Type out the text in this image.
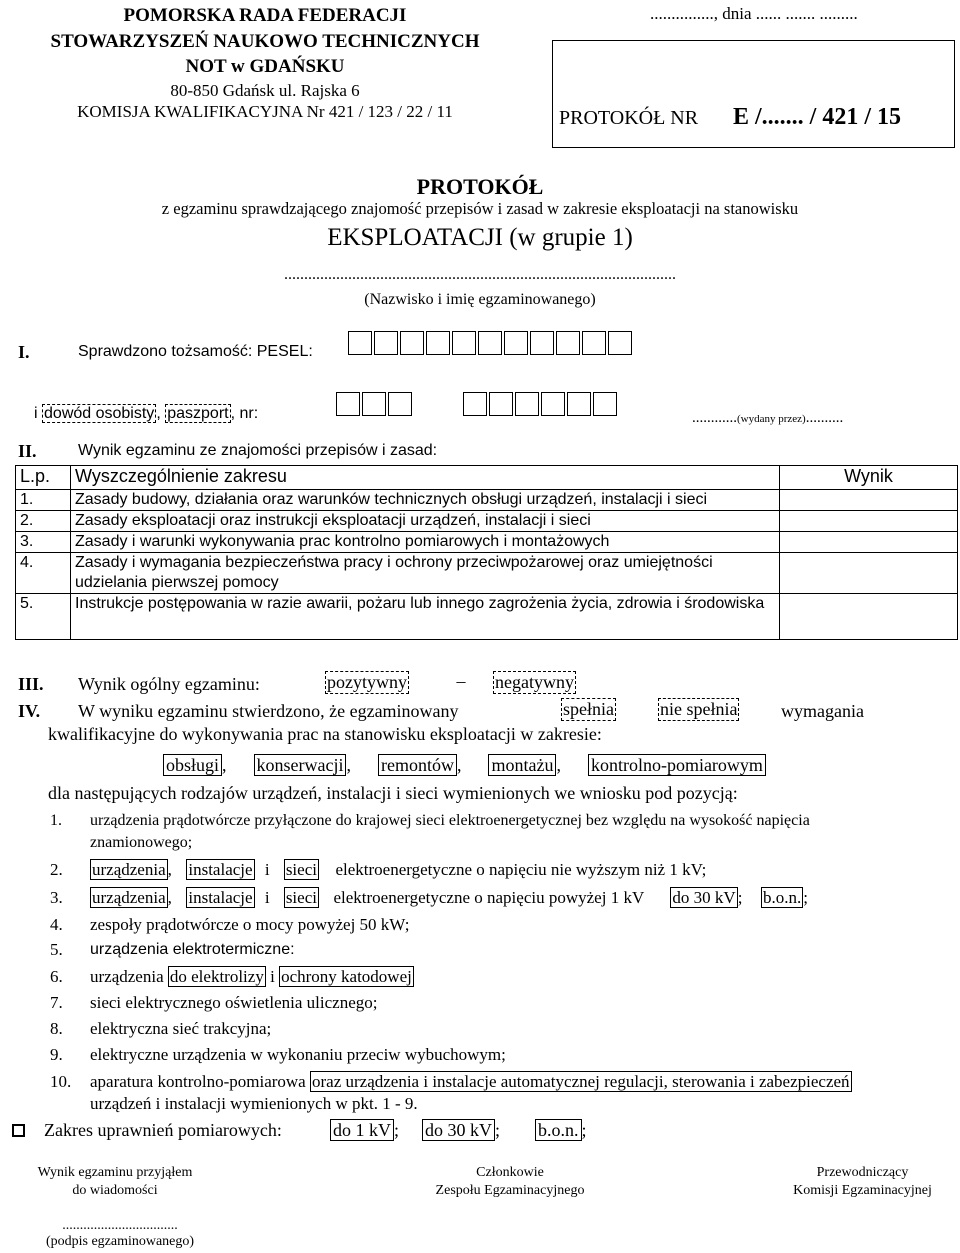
POMORSKA RADA FEDERACJI
STOWARZYSZEŃ NAUKOWO TECHNICZNYCH
NOT w GDAŃSKU
80-850 Gdańsk ul. Rajska 6
KOMISJA KWALIFIKACYJNA Nr 421 / 123 / 22 / 11
..............., dnia ...... ....... .........
PROTOKÓŁ NR E /....... / 421 / 15
PROTOKÓŁ
z egzaminu sprawdzającego znajomość przepisów i zasad w zakresie eksploatacji na stanowisku
EKSPLOATACJI (w grupie 1)
..................................................................................................
(Nazwisko i imię egzaminowanego)
I.	Sprawdzono tożsamość: PESEL:
i dowód osobisty , paszport , nr:	............(wydany przez)..........
II.	Wynik egzaminu ze znajomości przepisów i zasad:
L.p.	Wyszczególnienie zakresu	Wynik
1.	Zasady budowy, działania oraz warunków technicznych obsługi urządzeń, instalacji i sieci	
2.	Zasady eksploatacji oraz instrukcji eksploatacji urządzeń, instalacji i sieci	
3.	Zasady i warunki wykonywania prac kontrolno pomiarowych i montażowych	
4.	Zasady i wymagania bezpieczeństwa pracy i ochrony przeciwpożarowej oraz umiejętności udzielania pierwszej pomocy	
5.	Instrukcje postępowania w razie awarii, pożaru lub innego zagrożenia życia, zdrowia i środowiska	
III. Wynik ogólny egzaminu:	pozytywny	–	negatywny
IV. W wyniku egzaminu stwierdzono, że egzaminowany	spełnia	nie spełnia wymagania
kwalifikacyjne do wykonywania prac na stanowisku eksploatacji w zakresie:
obsługi , konserwacji , remontów , montażu , kontrolno-pomiarowym
dla następujących rodzajów urządzeń, instalacji i sieci wymienionych we wniosku pod pozycją:
1. urządzenia prądotwórcze przyłączone do krajowej sieci elektroenergetycznej bez względu na wysokość napięcia
znamionowego;
2. urządzenia ,  instalacje i sieci elektroenergetyczne o napięciu nie wyższym niż 1 kV;
3. urządzenia ,  instalacje i sieci elektroenergetyczne o napięciu powyżej 1 kV do 30 kV ; b.o.n. ;
4. zespoły prądotwórcze o mocy powyżej 50 kW;
5. urządzenia elektrotermiczne:
6. urządzenia do elektrolizy i ochrony katodowej
7. sieci elektrycznego oświetlenia ulicznego;
8. elektryczna sieć trakcyjna;
9. elektryczne urządzenia w wykonaniu przeciw wybuchowym;
10. aparatura kontrolno-pomiarowa oraz urządzenia i instalacje automatycznej regulacji, sterowania i zabezpieczeń
urządzeń i instalacji wymienionych w pkt. 1 - 9.
Zakres uprawnień pomiarowych:	do 1 kV ; do 30 kV ; b.o.n. ;
Wynik egzaminu przyjąłem
do wiadomości
Członkowie
Zespołu Egzaminacyjnego
Przewodniczący
Komisji Egzaminacyjnej
.................................
(podpis egzaminowanego)
